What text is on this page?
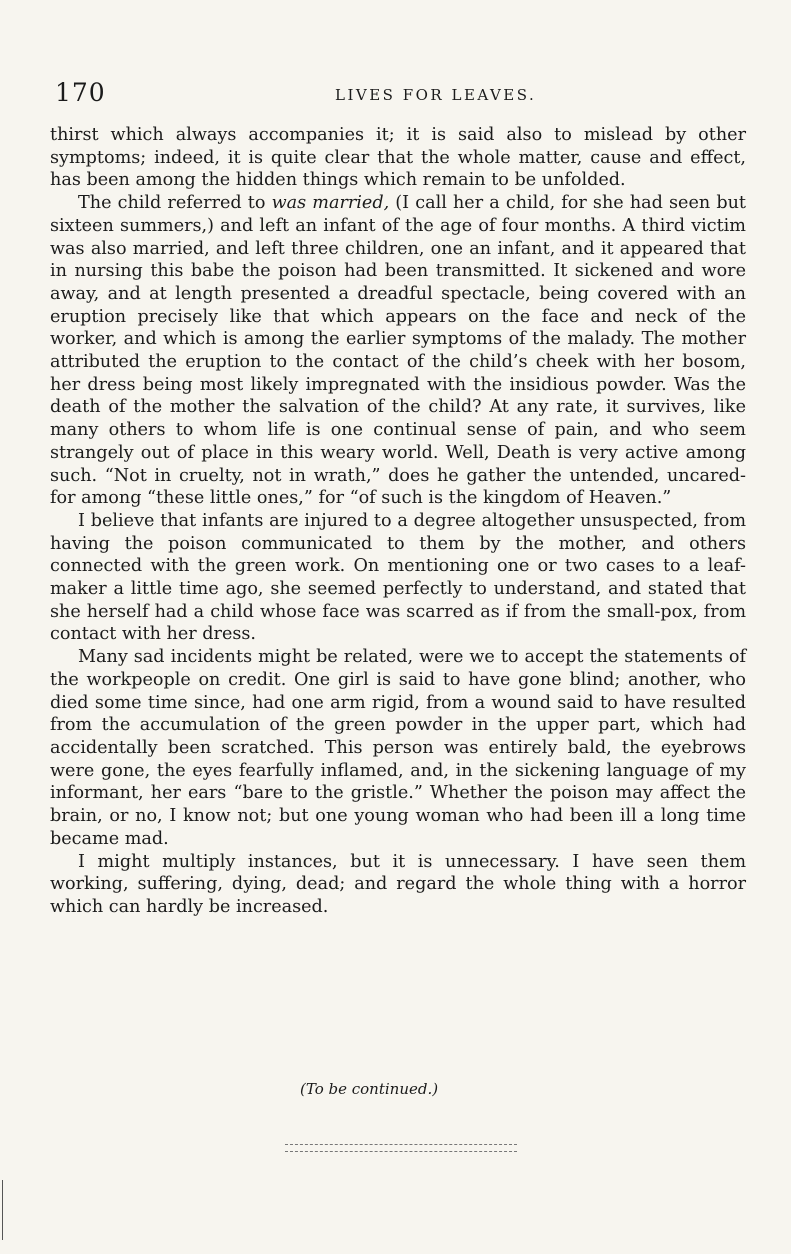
170	LIVES FOR LEAVES.

thirst which always accompanies it; it is said also to mislead by other symptoms; indeed, it is quite clear that the whole matter, cause and effect, has been among the hidden things which remain to be unfolded.

The child referred to was married, (I call her a child, for she had seen but sixteen summers,) and left an infant of the age of four months. A third victim was also married, and left three children, one an infant, and it appeared that in nursing this babe the poison had been transmitted. It sickened and wore away, and at length presented a dreadful spectacle, being covered with an eruption precisely like that which appears on the face and neck of the worker, and which is among the earlier symptoms of the malady. The mother attributed the eruption to the contact of the child’s cheek with her bosom, her dress being most likely impregnated with the insidious powder. Was the death of the mother the salvation of the child? At any rate, it survives, like many others to whom life is one continual sense of pain, and who seem strangely out of place in this weary world. Well, Death is very active among such. “Not in cruelty, not in wrath,” does he gather the untended, uncared-for among “these little ones,” for “of such is the kingdom of Heaven.”

I believe that infants are injured to a degree altogether unsuspected, from having the poison communicated to them by the mother, and others connected with the green work. On mentioning one or two cases to a leaf-maker a little time ago, she seemed perfectly to understand, and stated that she herself had a child whose face was scarred as if from the small-pox, from contact with her dress.

Many sad incidents might be related, were we to accept the statements of the workpeople on credit. One girl is said to have gone blind; another, who died some time since, had one arm rigid, from a wound said to have resulted from the accumulation of the green powder in the upper part, which had accidentally been scratched. This person was entirely bald, the eyebrows were gone, the eyes fearfully inflamed, and, in the sickening language of my informant, her ears “bare to the gristle.” Whether the poison may affect the brain, or no, I know not; but one young woman who had been ill a long time became mad.

I might multiply instances, but it is unnecessary. I have seen them working, suffering, dying, dead; and regard the whole thing with a horror which can hardly be increased.

(To be continued.)
